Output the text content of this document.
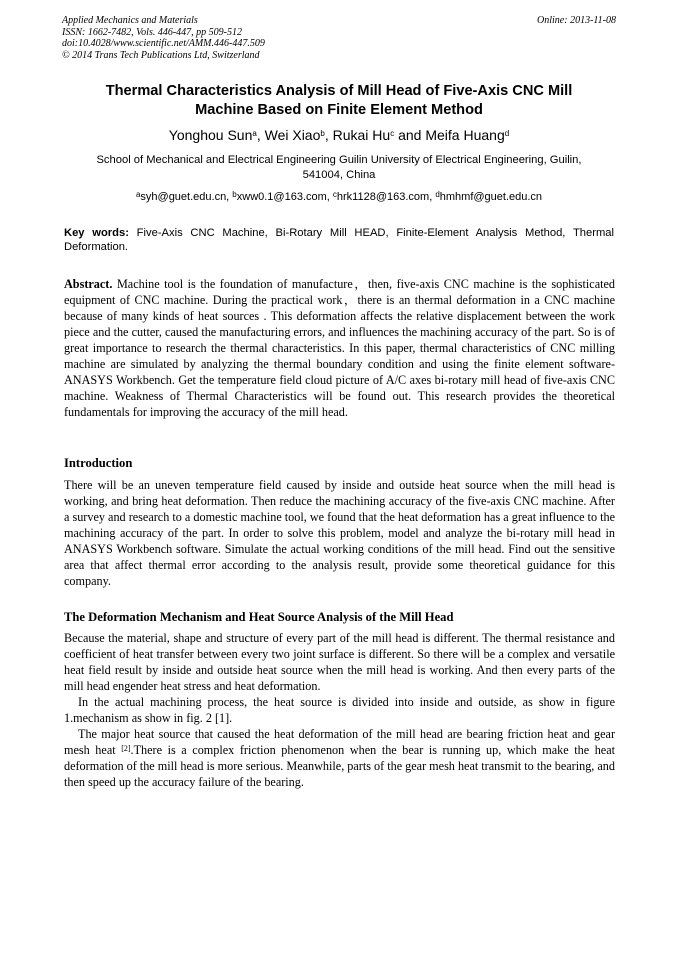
Applied Mechanics and Materials
ISSN: 1662-7482, Vols. 446-447, pp 509-512
doi:10.4028/www.scientific.net/AMM.446-447.509
© 2014 Trans Tech Publications Ltd, Switzerland
Online: 2013-11-08
Thermal Characteristics Analysis of Mill Head of Five-Axis CNC Mill
Machine Based on Finite Element Method
Yonghou Sun$^a$, Wei Xiao$^b$, Rukai Hu$^c$ and Meifa Huang$^d$
School of Mechanical and Electrical Engineering Guilin University of Electrical Engineering, Guilin,
541004, China
$^a$syh@guet.edu.cn, $^b$xww0.1@163.com, $^c$hrk1128@163.com, $^d$hmhmf@guet.edu.cn
Key words: Five-Axis CNC Machine, Bi-Rotary Mill HEAD, Finite-Element Analysis Method, Thermal Deformation.
Abstract. Machine tool is the foundation of manufacture，then, five-axis CNC machine is the sophisticated equipment of CNC machine. During the practical work，there is an thermal deformation in a CNC machine because of many kinds of heat sources . This deformation affects the relative displacement between the work piece and the cutter, caused the manufacturing errors, and influences the machining accuracy of the part. So is of great importance to research the thermal characteristics. In this paper, thermal characteristics of CNC milling machine are simulated by analyzing the thermal boundary condition and using the finite element software-ANASYS Workbench. Get the temperature field cloud picture of A/C axes bi-rotary mill head of five-axis CNC machine. Weakness of Thermal Characteristics will be found out. This research provides the theoretical fundamentals for improving the accuracy of the mill head.
Introduction

There will be an uneven temperature field caused by inside and outside heat source when the mill head is working, and bring heat deformation. Then reduce the machining accuracy of the five-axis CNC machine. After a survey and research to a domestic machine tool, we found that the heat deformation has a great influence to the machining accuracy of the part. In order to solve this problem, model and analyze the bi-rotary mill head in ANASYS Workbench software. Simulate the actual working conditions of the mill head. Find out the sensitive area that affect thermal error according to the analysis result, provide some theoretical guidance for this company.

The Deformation Mechanism and Heat Source Analysis of the Mill Head

Because the material, shape and structure of every part of the mill head is different. The thermal resistance and coefficient of heat transfer between every two joint surface is different. So there will be a complex and versatile heat field result by inside and outside heat source when the mill head is working. And then every parts of the mill head engender heat stress and heat deformation.

In the actual machining process, the heat source is divided into inside and outside, as show in figure 1.mechanism as show in fig. 2 [1].

The major heat source that caused the heat deformation of the mill head are bearing friction heat and gear mesh heat [2].There is a complex friction phenomenon when the bear is running up, which make the heat deformation of the mill head is more serious. Meanwhile, parts of the gear mesh heat transmit to the bearing, and then speed up the accuracy failure of the bearing.
